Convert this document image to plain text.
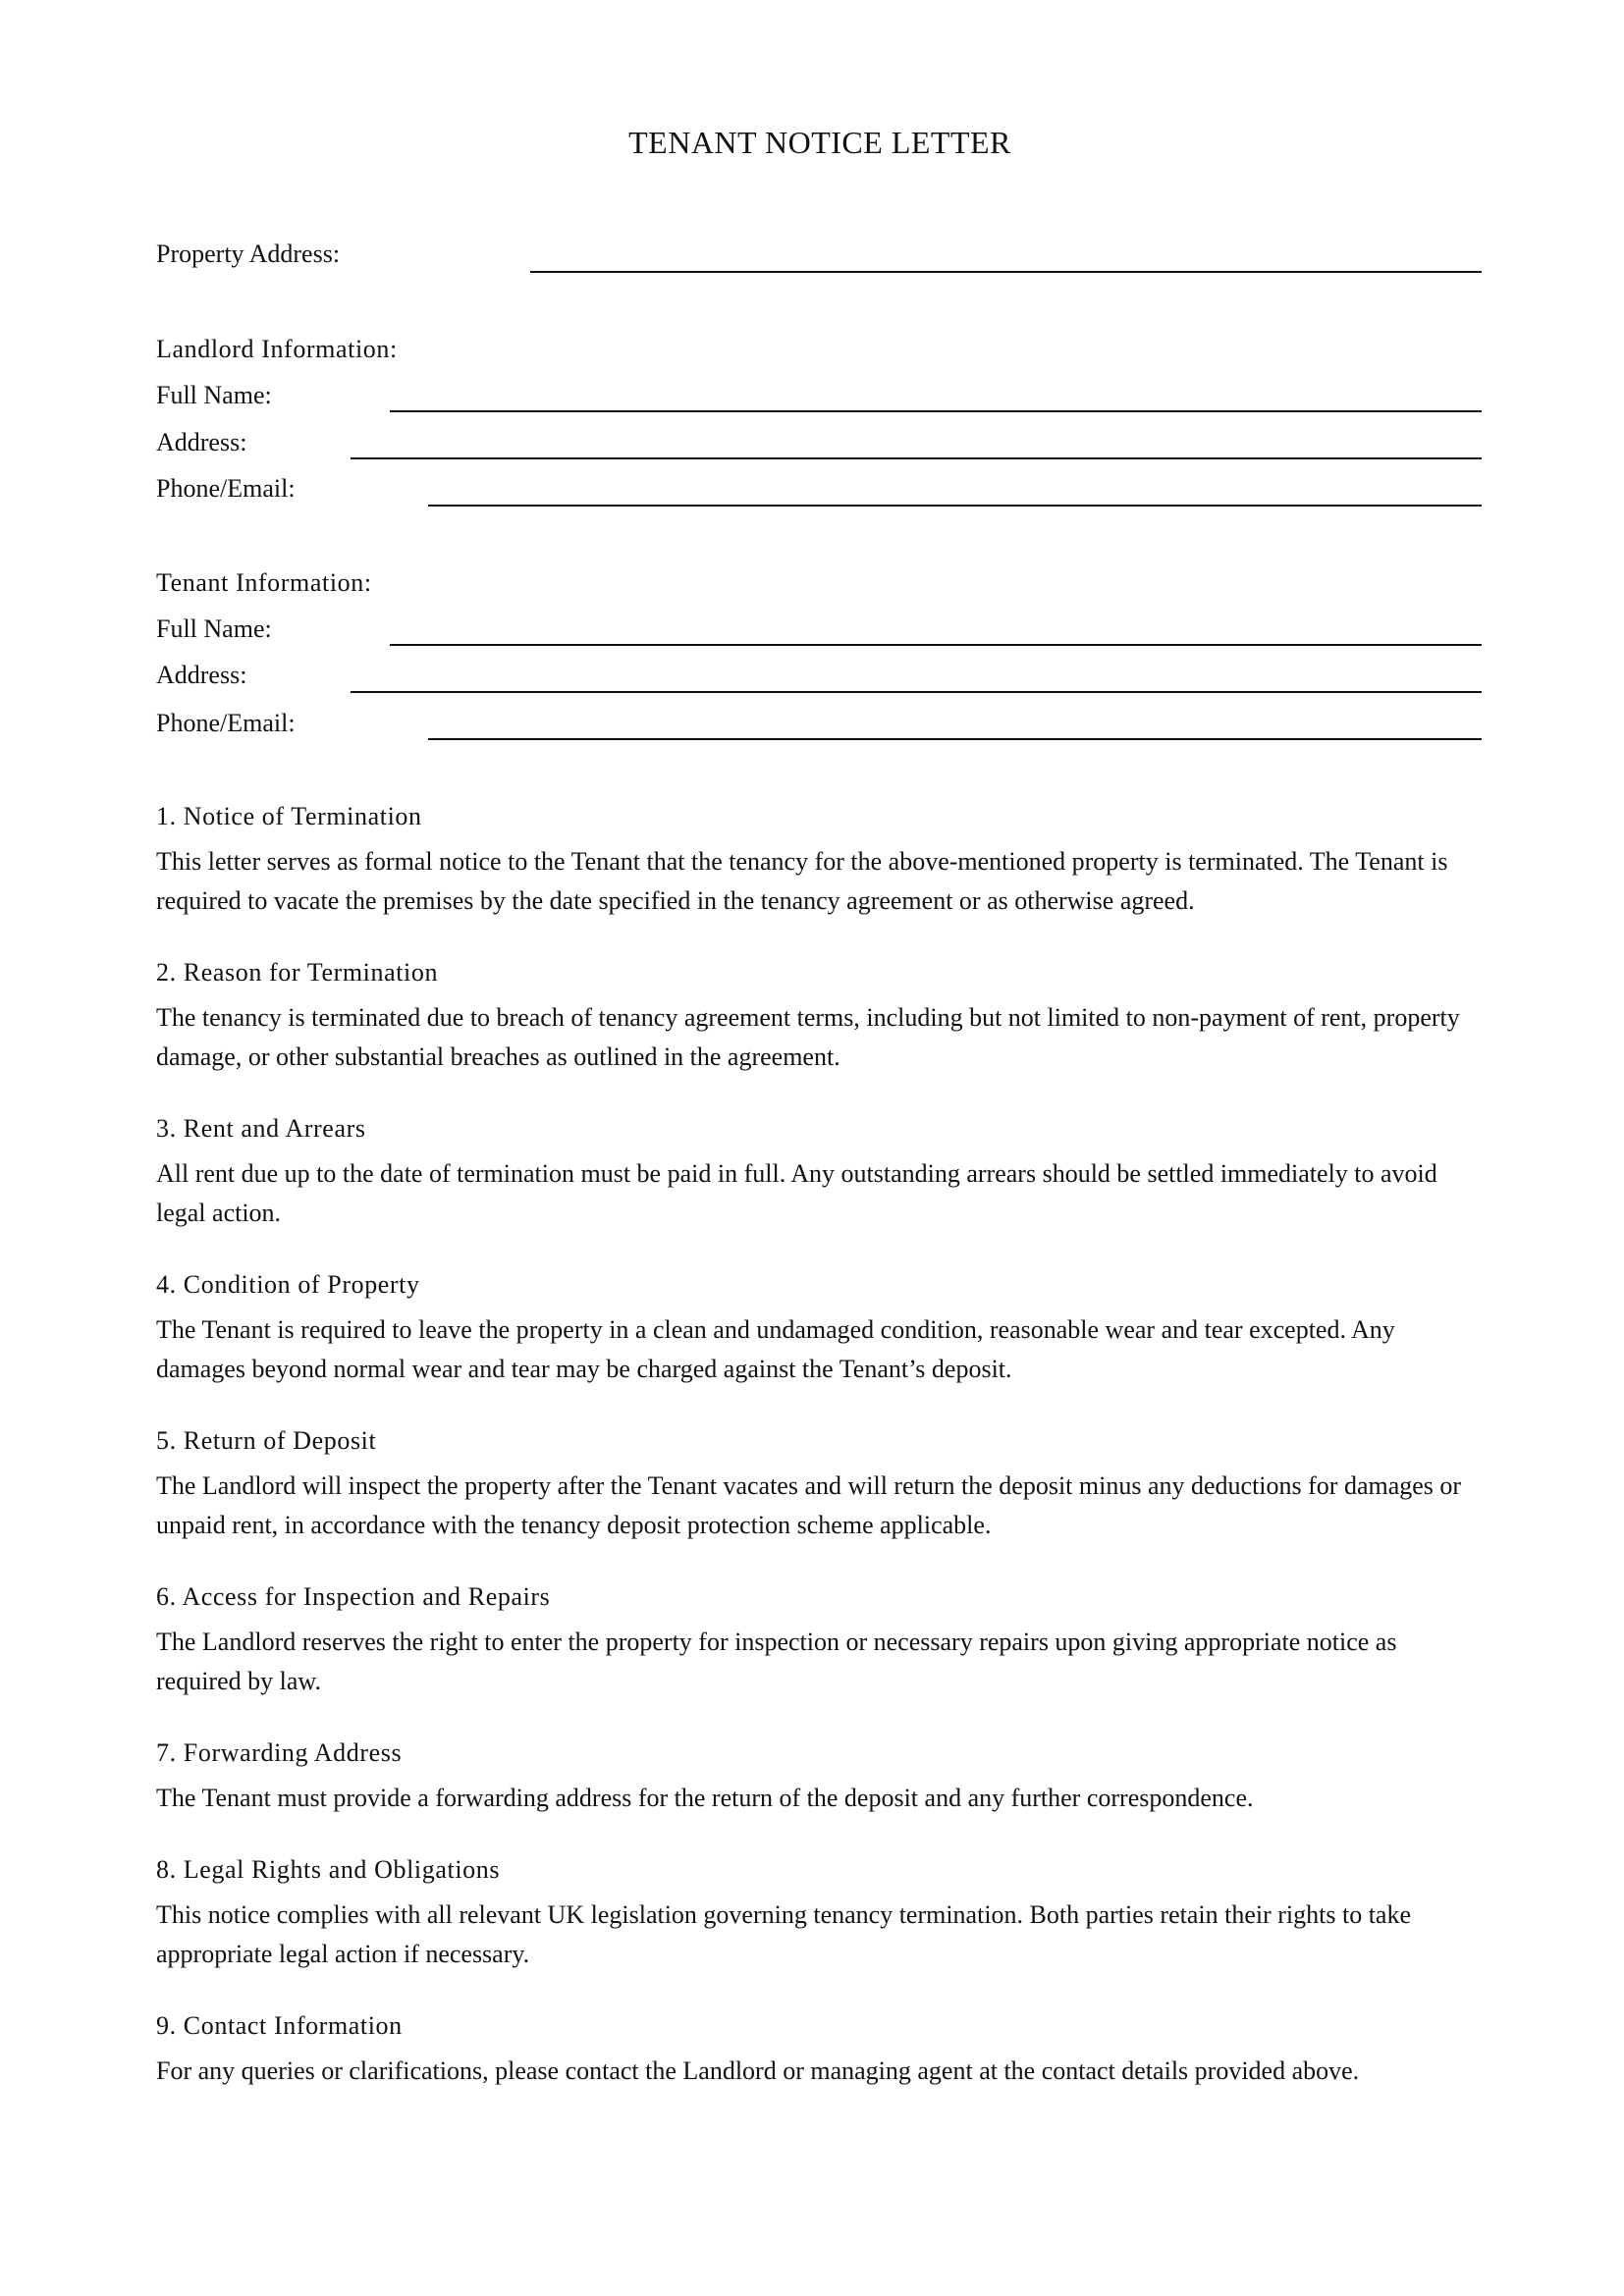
TENANT NOTICE LETTER
Property Address:
Landlord Information:
Full Name:
Address:
Phone/Email:
Tenant Information:
Full Name:
Address:
Phone/Email:
1. Notice of Termination
This letter serves as formal notice to the Tenant that the tenancy for the above-mentioned property is terminated. The Tenant is required to vacate the premises by the date specified in the tenancy agreement or as otherwise agreed.
2. Reason for Termination
The tenancy is terminated due to breach of tenancy agreement terms, including but not limited to non-payment of rent, property damage, or other substantial breaches as outlined in the agreement.
3. Rent and Arrears
All rent due up to the date of termination must be paid in full. Any outstanding arrears should be settled immediately to avoid legal action.
4. Condition of Property
The Tenant is required to leave the property in a clean and undamaged condition, reasonable wear and tear excepted. Any damages beyond normal wear and tear may be charged against the Tenant’s deposit.
5. Return of Deposit
The Landlord will inspect the property after the Tenant vacates and will return the deposit minus any deductions for damages or unpaid rent, in accordance with the tenancy deposit protection scheme applicable.
6. Access for Inspection and Repairs
The Landlord reserves the right to enter the property for inspection or necessary repairs upon giving appropriate notice as required by law.
7. Forwarding Address
The Tenant must provide a forwarding address for the return of the deposit and any further correspondence.
8. Legal Rights and Obligations
This notice complies with all relevant UK legislation governing tenancy termination. Both parties retain their rights to take appropriate legal action if necessary.
9. Contact Information
For any queries or clarifications, please contact the Landlord or managing agent at the contact details provided above.
